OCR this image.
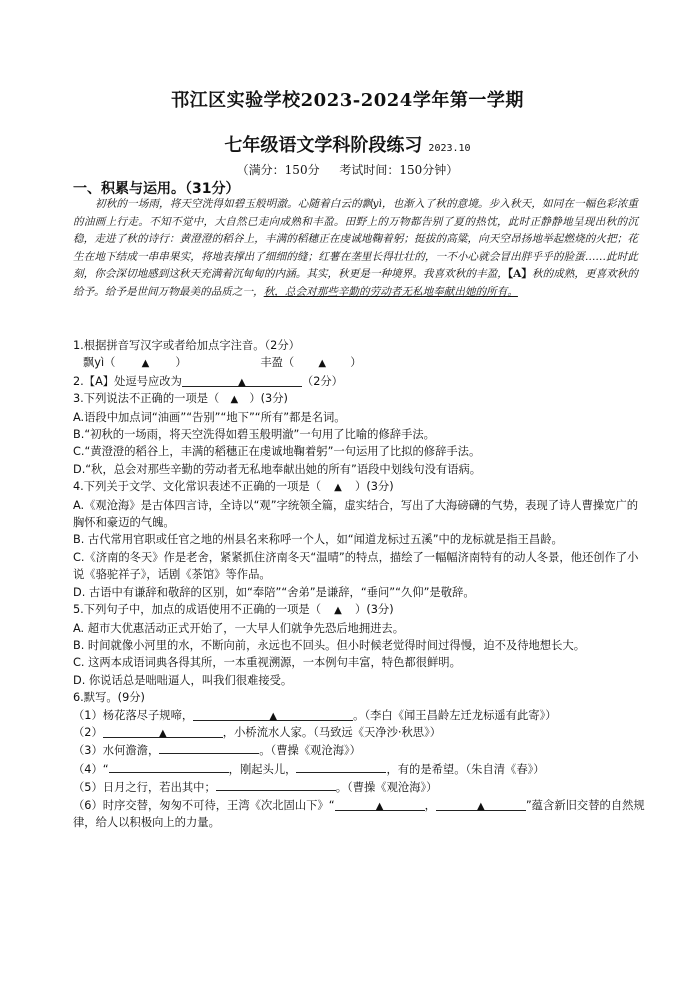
邗江区实验学校2023-2024学年第一学期
七年级语文学科阶段练习 2023.10
（满分：150分 考试时间：150分钟）
一、积累与运用。（31分）
初秋的一场雨，将天空洗得如碧玉般明澈。心随着白云的飘yì，也渐入了秋的意境。步入秋天，如同在一幅色彩浓重的油画上行走。不知不觉中，大自然已走向成熟和丰盈。田野上的万物都告别了夏的热忱，此时正静静地呈现出秋的沉稳，走进了秋的诗行：黄澄澄的稻谷上，丰满的稻穗正在虔诚地鞠着躬；挺拔的高粱，向天空昂扬地举起燃烧的火把；花生在地下结成一串串果实，将地表撑出了细细的缝；红薯在垄里长得壮壮的，一不小心就会冒出胖乎乎的脸蛋……此时此刻，你会深切地感到这秋天充满着沉甸甸的内涵。其实，秋更是一种境界。我喜欢秋的丰盈，【A】秋的成熟，更喜欢秋的给予。给予是世间万物最美的品质之一，秋，总会对那些辛勤的劳动者无私地奉献出她的所有。
1.根据拼音写汉字或者给加点字注音。（2分）
飘yì（	▲ ）	丰盈（ ▲ ）
2.【A】处逗号应改为	▲	（2分）
3.下列说法不正确的一项是（ ▲ ）(3分)
A.语段中加点词“油画”“告别”“地下”“所有”都是名词。
B.“初秋的一场雨，将天空洗得如碧玉般明澈”一句用了比喻的修辞手法。
C.“黄澄澄的稻谷上，丰满的稻穗正在虔诚地鞠着躬”一句运用了比拟的修辞手法。
D.“秋，总会对那些辛勤的劳动者无私地奉献出她的所有”语段中划线句没有语病。
4.下列关于文学、文化常识表述不正确的一项是（ ▲ ）(3分)
A.《观沧海》是古体四言诗，全诗以“观”字统领全篇，虚实结合，写出了大海磅礴的气势，表现了诗人曹操宽广的胸怀和豪迈的气魄。
B. 古代常用官职或任官之地的州县名来称呼一个人，如“闻道龙标过五溪”中的龙标就是指王昌龄。
C.《济南的冬天》作是老舍，紧紧抓住济南冬天“温晴”的特点，描绘了一幅幅济南特有的动人冬景，他还创作了小说《骆驼祥子》，话剧《茶馆》等作品。
D. 古语中有谦辞和敬辞的区别，如“奉陪”“舍弟”是谦辞，“垂问”“久仰”是敬辞。
5.下列句子中，加点的成语使用不正确的一项是（ ▲ ）(3分)
A. 超市大优惠活动正式开始了，一大早人们就争先恐后地拥进去。
B. 时间就像小河里的水，不断向前，永远也不回头。但小时候老觉得时间过得慢，迫不及待地想长大。
C. 这两本成语词典各得其所，一本重视溯源，一本例句丰富，特色都很鲜明。
D. 你说话总是咄咄逼人，叫我们很难接受。
6.默写。(9分)
（1）杨花落尽子规啼，	▲	。（李白《闻王昌龄左迁龙标遥有此寄》）
（2）	▲	，小桥流水人家。（马致远《天净沙·秋思》）
（3）水何澹澹，	。（曹操《观沧海》）
（4）“	，刚起头儿，	，有的是希望。（朱自清《春》）
（5）日月之行，若出其中；	。（曹操《观沧海》）
（6）时序交替，匆匆不可待，王湾《次北固山下》“	▲	，	▲	”蕴含新旧交替的自然规律，给人以积极向上的力量。
